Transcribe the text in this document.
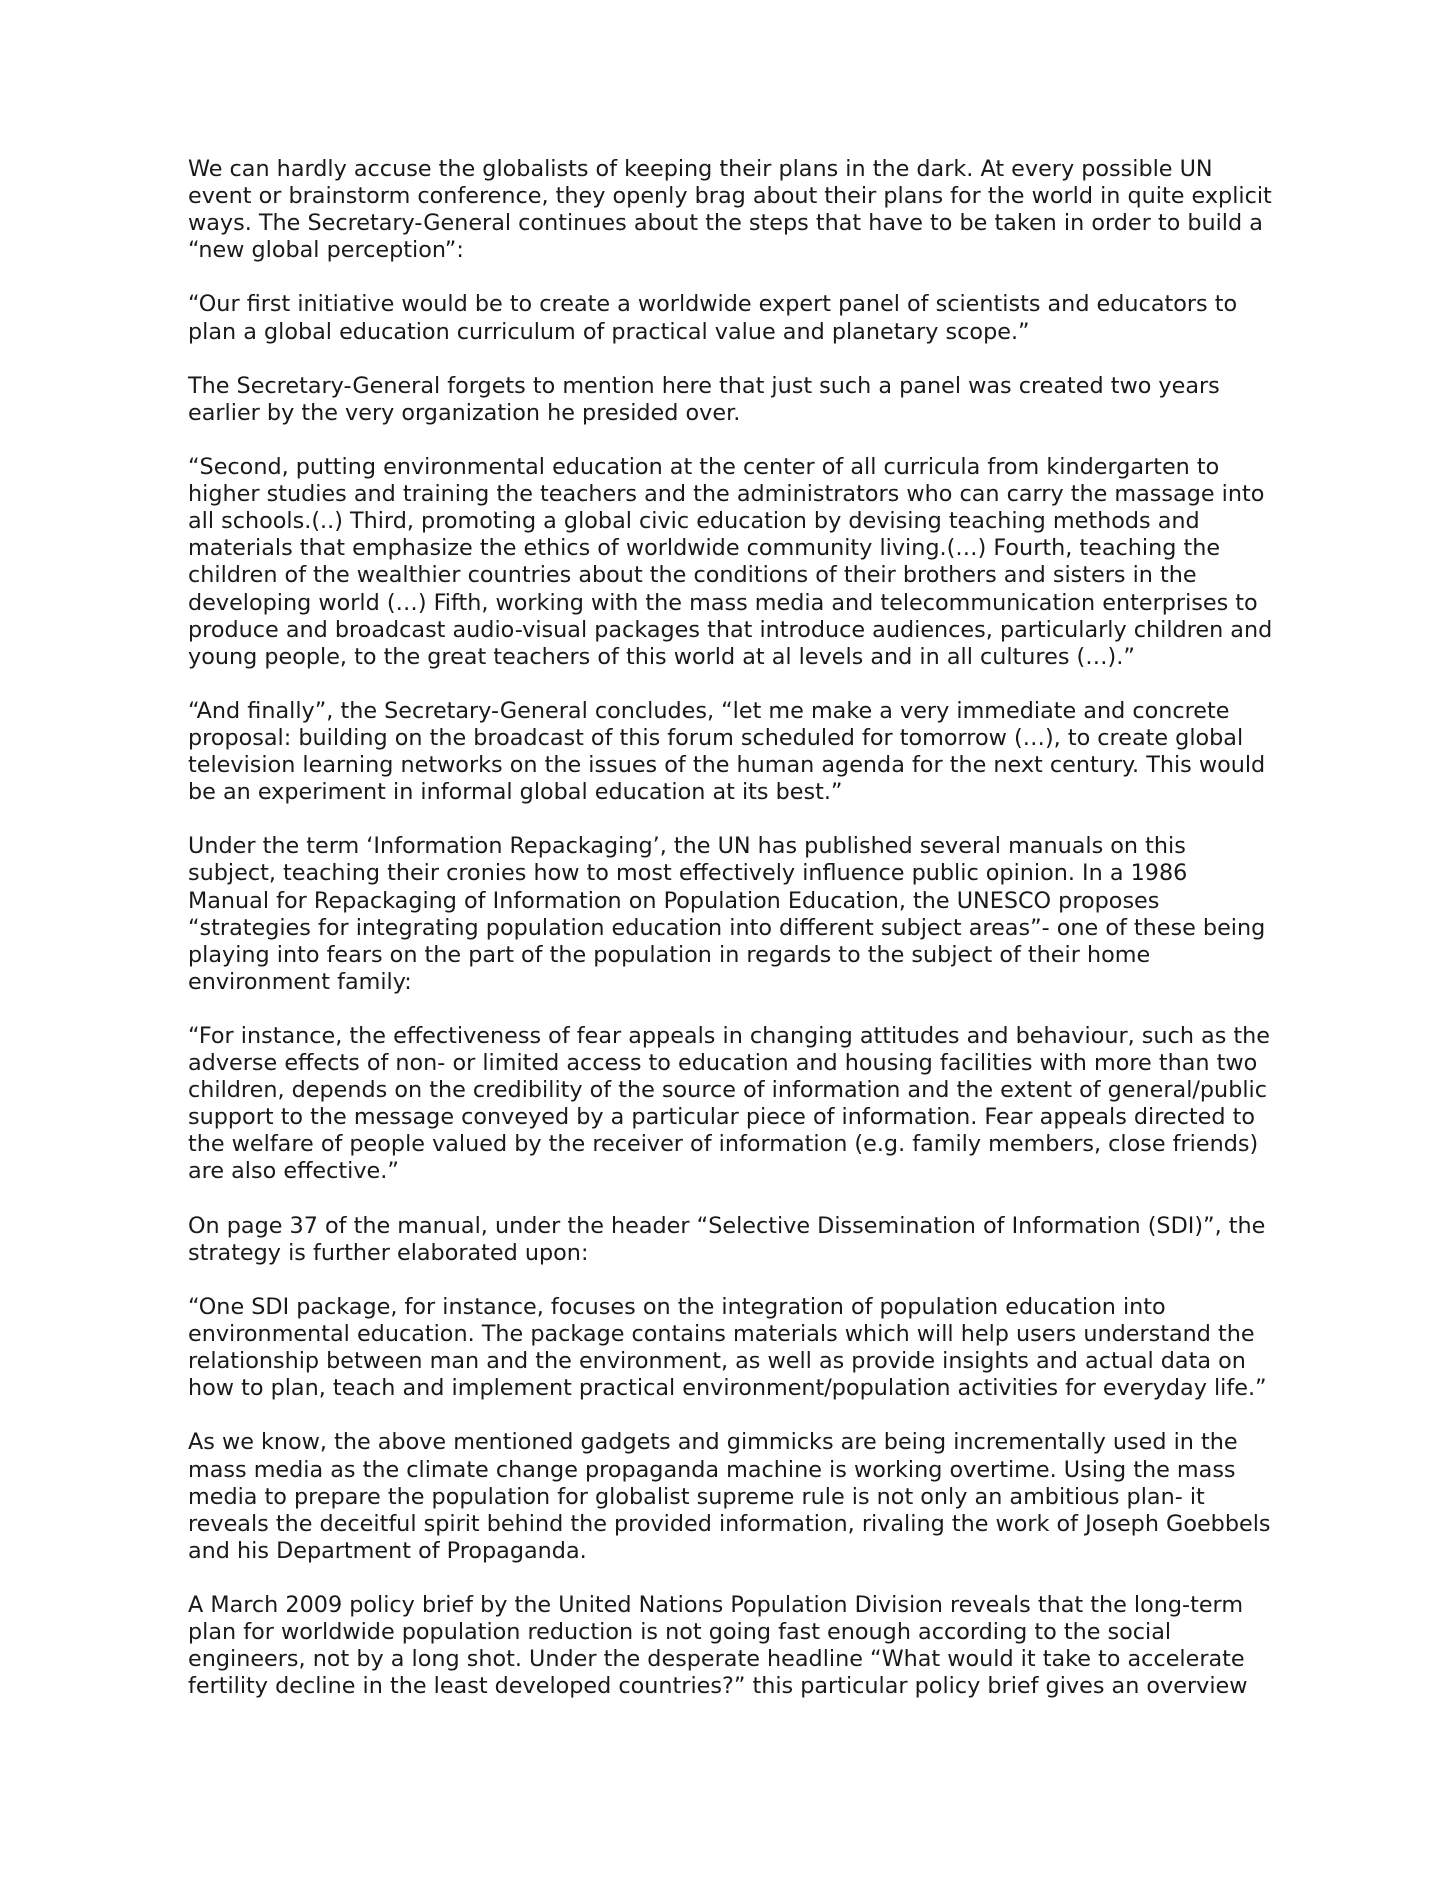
We can hardly accuse the globalists of keeping their plans in the dark. At every possible UN event or brainstorm conference, they openly brag about their plans for the world in quite explicit ways. The Secretary-General continues about the steps that have to be taken in order to build a “new global perception”:

“Our first initiative would be to create a worldwide expert panel of scientists and educators to plan a global education curriculum of practical value and planetary scope.”

The Secretary-General forgets to mention here that just such a panel was created two years earlier by the very organization he presided over.

“Second, putting environmental education at the center of all curricula from kindergarten to higher studies and training the teachers and the administrators who can carry the massage into all schools.(..) Third, promoting a global civic education by devising teaching methods and materials that emphasize the ethics of worldwide community living.(…) Fourth, teaching the children of the wealthier countries about the conditions of their brothers and sisters in the developing world (…) Fifth, working with the mass media and telecommunication enterprises to produce and broadcast audio-visual packages that introduce audiences, particularly children and young people, to the great teachers of this world at al levels and in all cultures (…).”

“And finally”, the Secretary-General concludes, “let me make a very immediate and concrete proposal: building on the broadcast of this forum scheduled for tomorrow (…), to create global television learning networks on the issues of the human agenda for the next century. This would be an experiment in informal global education at its best.”

Under the term ‘Information Repackaging’, the UN has published several manuals on this subject, teaching their cronies how to most effectively influence public opinion. In a 1986 Manual for Repackaging of Information on Population Education, the UNESCO proposes “strategies for integrating population education into different subject areas”- one of these being playing into fears on the part of the population in regards to the subject of their home environment family:

“For instance, the effectiveness of fear appeals in changing attitudes and behaviour, such as the adverse effects of non- or limited access to education and housing facilities with more than two children, depends on the credibility of the source of information and the extent of general/public support to the message conveyed by a particular piece of information. Fear appeals directed to the welfare of people valued by the receiver of information (e.g. family members, close friends) are also effective.”

On page 37 of the manual, under the header “Selective Dissemination of Information (SDI)”, the strategy is further elaborated upon:

“One SDI package, for instance, focuses on the integration of population education into environmental education. The package contains materials which will help users understand the relationship between man and the environment, as well as provide insights and actual data on how to plan, teach and implement practical environment/population activities for everyday life.”

As we know, the above mentioned gadgets and gimmicks are being incrementally used in the mass media as the climate change propaganda machine is working overtime. Using the mass media to prepare the population for globalist supreme rule is not only an ambitious plan- it reveals the deceitful spirit behind the provided information, rivaling the work of Joseph Goebbels and his Department of Propaganda.

A March 2009 policy brief by the United Nations Population Division reveals that the long-term plan for worldwide population reduction is not going fast enough according to the social engineers, not by a long shot. Under the desperate headline “What would it take to accelerate fertility decline in the least developed countries?” this particular policy brief gives an overview
